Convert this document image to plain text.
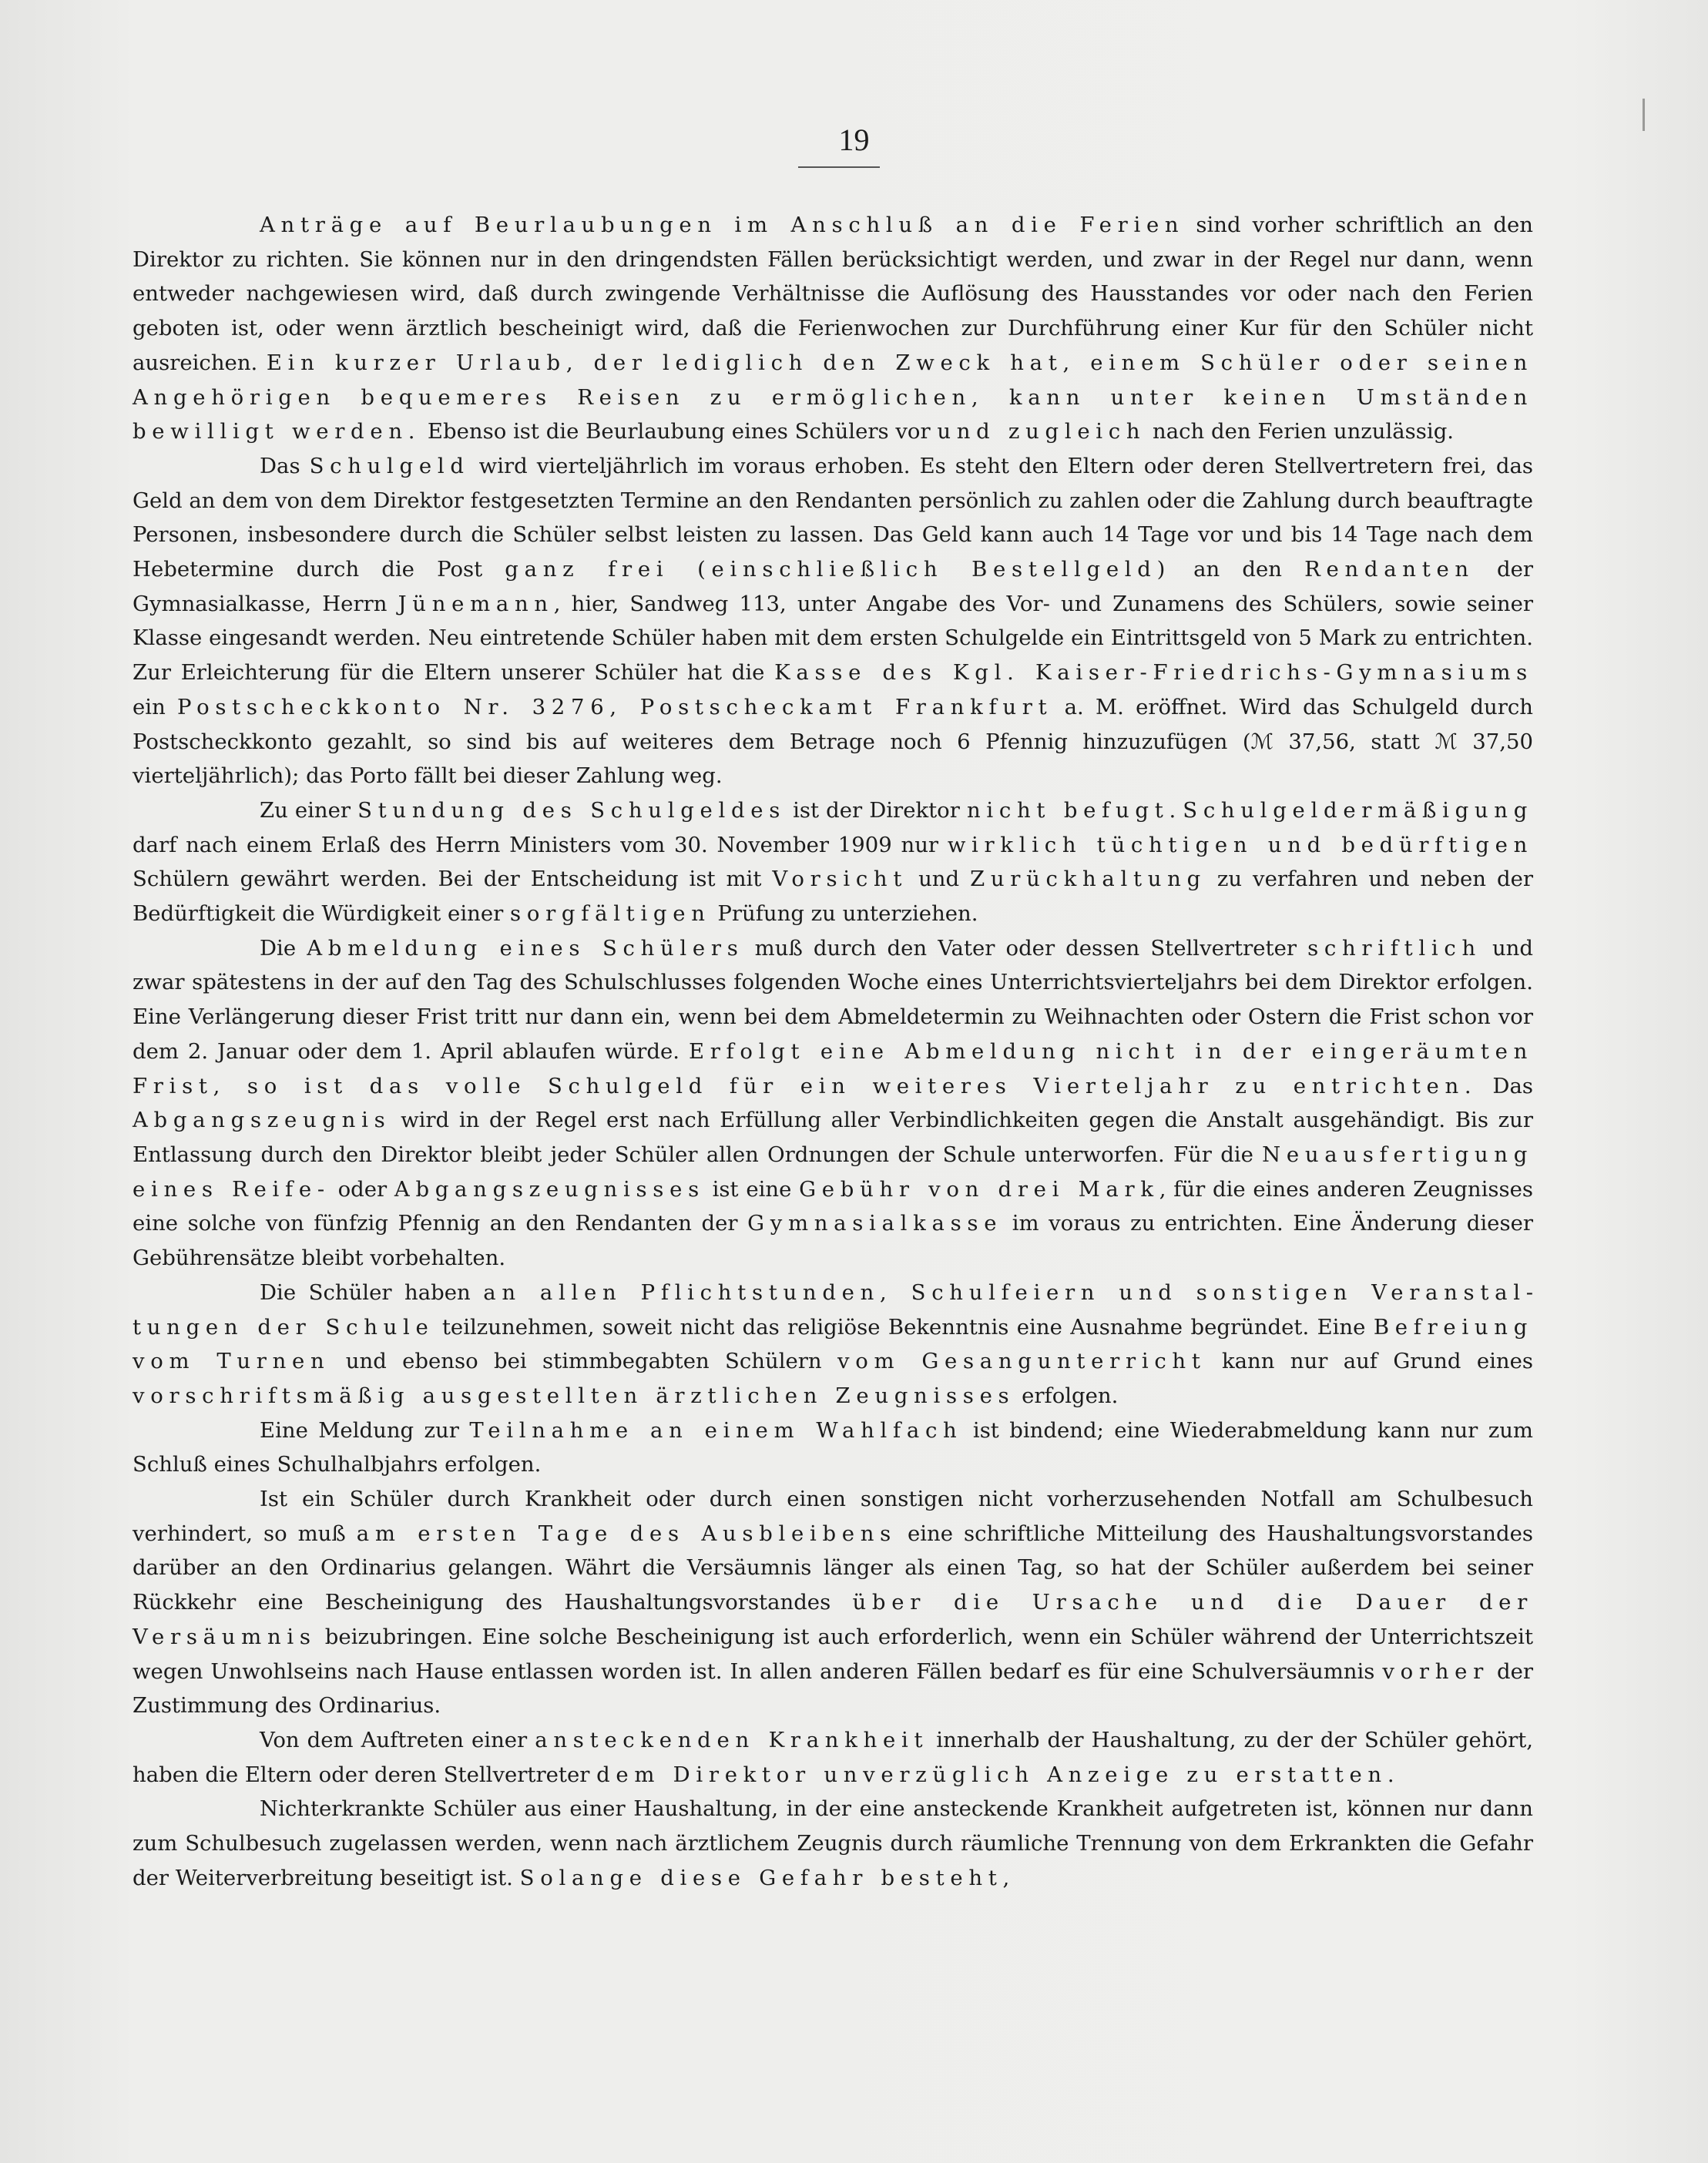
19

Anträge auf Beurlaubungen im Anschluß an die Ferien sind vorher schriftlich an den Direktor zu richten. Sie können nur in den dringendsten Fällen berücksichtigt werden, und zwar in der Regel nur dann, wenn entweder nachgewiesen wird, daß durch zwingende Verhältnisse die Auflösung des Hausstandes vor oder nach den Ferien geboten ist, oder wenn ärztlich bescheinigt wird, daß die Ferienwochen zur Durchführung einer Kur für den Schüler nicht ausreichen. Ein kurzer Urlaub, der lediglich den Zweck hat, einem Schüler oder seinen Angehörigen bequemeres Reisen zu ermöglichen, kann unter keinen Umständen bewilligt werden. Ebenso ist die Beurlaubung eines Schülers vor und zugleich nach den Ferien unzulässig.

Das Schulgeld wird vierteljährlich im voraus erhoben. Es steht den Eltern oder deren Stellvertretern frei, das Geld an dem von dem Direktor festgesetzten Termine an den Rendanten persönlich zu zahlen oder die Zahlung durch beauftragte Personen, insbesondere durch die Schüler selbst leisten zu lassen. Das Geld kann auch 14 Tage vor und bis 14 Tage nach dem Hebetermine durch die Post ganz frei (einschließlich Bestellgeld) an den Rendanten der Gymnasialkasse, Herrn Jünemann, hier, Sandweg 113, unter Angabe des Vor- und Zunamens des Schülers, sowie seiner Klasse eingesandt werden. Neu eintretende Schüler haben mit dem ersten Schulgelde ein Eintrittsgeld von 5 Mark zu entrichten. Zur Erleichterung für die Eltern unserer Schüler hat die Kasse des Kgl. Kaiser-Friedrichs-Gymnasiums ein Postscheckkonto Nr. 3276, Postscheckamt Frankfurt a. M. eröffnet. Wird das Schulgeld durch Postscheckkonto gezahlt, so sind bis auf weiteres dem Betrage noch 6 Pfennig hinzuzufügen (ℳ 37,56, statt ℳ 37,50 vierteljährlich); das Porto fällt bei dieser Zahlung weg.

Zu einer Stundung des Schulgeldes ist der Direktor nicht befugt. Schulgeldermäßigung darf nach einem Erlaß des Herrn Ministers vom 30. November 1909 nur wirklich tüchtigen und bedürftigen Schülern gewährt werden. Bei der Entscheidung ist mit Vorsicht und Zurückhaltung zu verfahren und neben der Bedürftigkeit die Würdigkeit einer sorgfältigen Prüfung zu unterziehen.

Die Abmeldung eines Schülers muß durch den Vater oder dessen Stellvertreter schriftlich und zwar spätestens in der auf den Tag des Schulschlusses folgenden Woche eines Unterrichtsvierteljahrs bei dem Direktor erfolgen. Eine Verlängerung dieser Frist tritt nur dann ein, wenn bei dem Abmeldetermin zu Weihnachten oder Ostern die Frist schon vor dem 2. Januar oder dem 1. April ablaufen würde. Erfolgt eine Abmeldung nicht in der eingeräumten Frist, so ist das volle Schulgeld für ein weiteres Vierteljahr zu entrichten. Das Abgangszeugnis wird in der Regel erst nach Erfüllung aller Verbindlichkeiten gegen die Anstalt ausgehändigt. Bis zur Entlassung durch den Direktor bleibt jeder Schüler allen Ordnungen der Schule unterworfen. Für die Neuausfertigung eines Reife- oder Abgangszeugnisses ist eine Gebühr von drei Mark, für die eines anderen Zeugnisses eine solche von fünfzig Pfennig an den Rendanten der Gymnasialkasse im voraus zu entrichten. Eine Änderung dieser Gebührensätze bleibt vorbehalten.

Die Schüler haben an allen Pflichtstunden, Schulfeiern und sonstigen Veranstaltungen der Schule teilzunehmen, soweit nicht das religiöse Bekenntnis eine Ausnahme begründet. Eine Befreiung vom Turnen und ebenso bei stimmbegabten Schülern vom Gesangunterricht kann nur auf Grund eines vorschriftsmäßig ausgestellten ärztlichen Zeugnisses erfolgen.

Eine Meldung zur Teilnahme an einem Wahlfach ist bindend; eine Wiederabmeldung kann nur zum Schluß eines Schulhalbjahrs erfolgen.

Ist ein Schüler durch Krankheit oder durch einen sonstigen nicht vorherzusehenden Notfall am Schulbesuch verhindert, so muß am ersten Tage des Ausbleibens eine schriftliche Mitteilung des Haushaltungsvorstandes darüber an den Ordinarius gelangen. Währt die Versäumnis länger als einen Tag, so hat der Schüler außerdem bei seiner Rückkehr eine Bescheinigung des Haushaltungsvorstandes über die Ursache und die Dauer der Versäumnis beizubringen. Eine solche Bescheinigung ist auch erforderlich, wenn ein Schüler während der Unterrichtszeit wegen Unwohlseins nach Hause entlassen worden ist. In allen anderen Fällen bedarf es für eine Schulversäumnis vorher der Zustimmung des Ordinarius.

Von dem Auftreten einer ansteckenden Krankheit innerhalb der Haushaltung, zu der der Schüler gehört, haben die Eltern oder deren Stellvertreter dem Direktor unverzüglich Anzeige zu erstatten.

Nichterkrankte Schüler aus einer Haushaltung, in der eine ansteckende Krankheit aufgetreten ist, können nur dann zum Schulbesuch zugelassen werden, wenn nach ärztlichem Zeugnis durch räumliche Trennung von dem Erkrankten die Gefahr der Weiterverbreitung beseitigt ist. Solange diese Gefahr besteht,
